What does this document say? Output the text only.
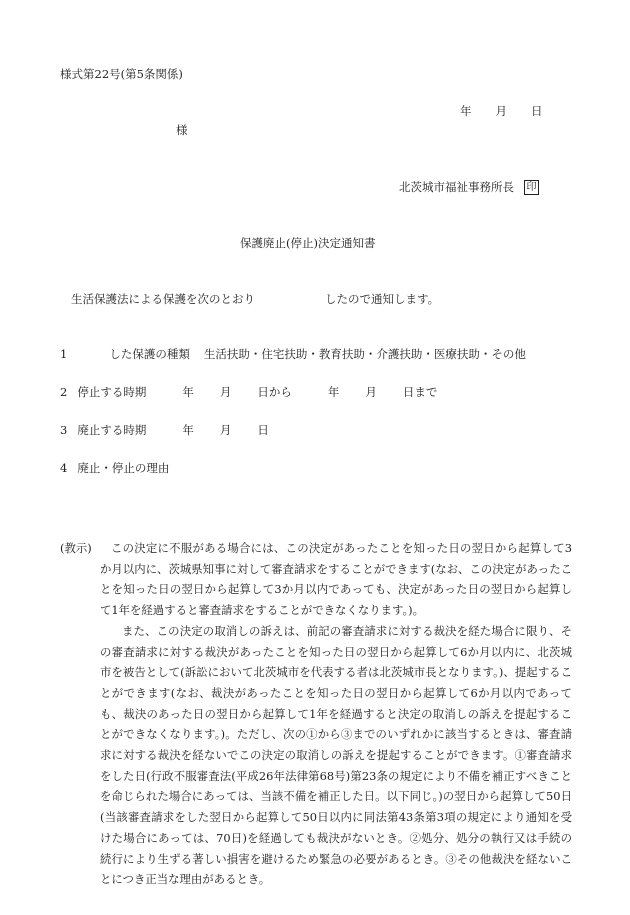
様式第22号(第5条関係)
年 月 日
様
北茨城市福祉事務所長 印
保護廃止(停止)決定通知書
生活保護法による保護を次のとおり	したので通知します。
1	した保護の種類 生活扶助・住宅扶助・教育扶助・介護扶助・医療扶助・その他
2 停止する時期	年 月 日から	年 月 日まで
3 廃止する時期	年 月 日
4 廃止・停止の理由
(教示)	この決定に不服がある場合には、この決定があったことを知った日の翌日から起算して3か月以内に、茨城県知事に対して審査請求をすることができます(なお、この決定があったことを知った日の翌日から起算して3か月以内であっても、決定があった日の翌日から起算して1年を経過すると審査請求をすることができなくなります。)。
また、この決定の取消しの訴えは、前記の審査請求に対する裁決を経た場合に限り、その審査請求に対する裁決があったことを知った日の翌日から起算して6か月以内に、北茨城市を被告として(訴訟において北茨城市を代表する者は北茨城市長となります。)、提起することができます(なお、裁決があったことを知った日の翌日から起算して6か月以内であっても、裁決のあった日の翌日から起算して1年を経過すると決定の取消しの訴えを提起することができなくなります。)。ただし、次の①から③までのいずれかに該当するときは、審査請求に対する裁決を経ないでこの決定の取消しの訴えを提起することができます。①審査請求をした日(行政不服審査法(平成26年法律第68号)第23条の規定により不備を補正すべきことを命じられた場合にあっては、当該不備を補正した日。以下同じ。)の翌日から起算して50日(当該審査請求をした翌日から起算して50日以内に同法第43条第3項の規定により通知を受けた場合にあっては、70日)を経過しても裁決がないとき。②処分、処分の執行又は手続の続行により生ずる著しい損害を避けるため緊急の必要があるとき。③その他裁決を経ないことにつき正当な理由があるとき。
